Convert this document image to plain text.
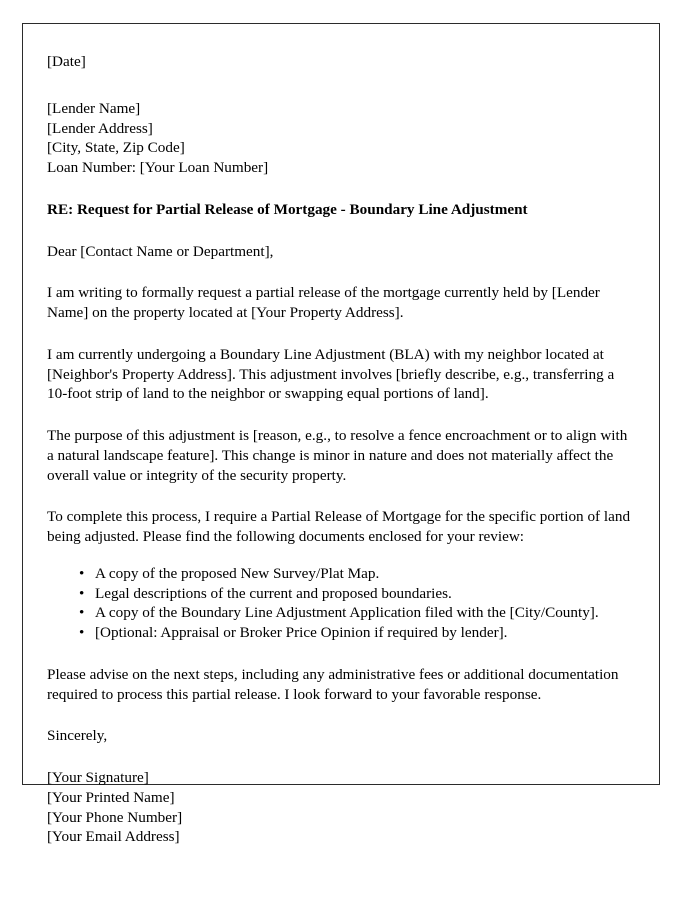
[Date]
[Lender Name]
[Lender Address]
[City, State, Zip Code]
Loan Number: [Your Loan Number]
RE: Request for Partial Release of Mortgage - Boundary Line Adjustment
Dear [Contact Name or Department],
I am writing to formally request a partial release of the mortgage currently held by [Lender Name] on the property located at [Your Property Address].
I am currently undergoing a Boundary Line Adjustment (BLA) with my neighbor located at [Neighbor's Property Address]. This adjustment involves [briefly describe, e.g., transferring a 10-foot strip of land to the neighbor or swapping equal portions of land].
The purpose of this adjustment is [reason, e.g., to resolve a fence encroachment or to align with a natural landscape feature]. This change is minor in nature and does not materially affect the overall value or integrity of the security property.
To complete this process, I require a Partial Release of Mortgage for the specific portion of land being adjusted. Please find the following documents enclosed for your review:
• A copy of the proposed New Survey/Plat Map.
• Legal descriptions of the current and proposed boundaries.
• A copy of the Boundary Line Adjustment Application filed with the [City/County].
• [Optional: Appraisal or Broker Price Opinion if required by lender].
Please advise on the next steps, including any administrative fees or additional documentation required to process this partial release. I look forward to your favorable response.
Sincerely,
[Your Signature]
[Your Printed Name]
[Your Phone Number]
[Your Email Address]
